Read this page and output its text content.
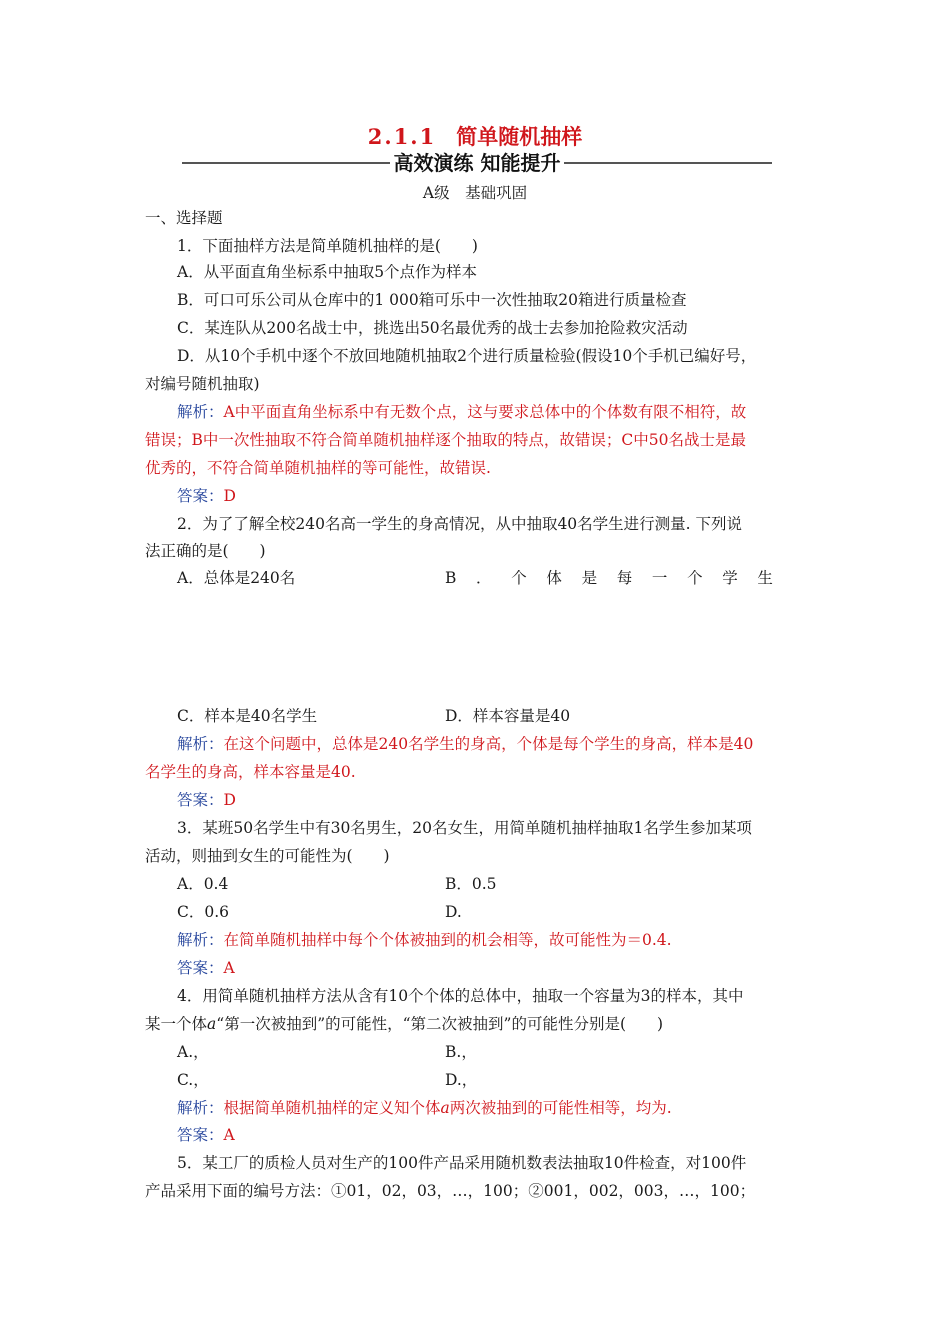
2.1.1 简单随机抽样
高效演练 知能提升
A级　基础巩固
一、选择题
1．下面抽样方法是简单随机抽样的是(　　)
A．从平面直角坐标系中抽取5个点作为样本
B．可口可乐公司从仓库中的1 000箱可乐中一次性抽取20箱进行质量检查
C．某连队从200名战士中，挑选出50名最优秀的战士去参加抢险救灾活动
D．从10个手机中逐个不放回地随机抽取2个进行质量检验(假设10个手机已编好号，
对编号随机抽取)
解析：A中平面直角坐标系中有无数个点，这与要求总体中的个体数有限不相符，故
错误；B中一次性抽取不符合简单随机抽样逐个抽取的特点，故错误；C中50名战士是最
优秀的，不符合简单随机抽样的等可能性，故错误.
答案：D
2．为了了解全校240名高一学生的身高情况，从中抽取40名学生进行测量. 下列说
法正确的是(　　)
A．总体是240名	B ． 个 体 是 每 一 个 学 生
C．样本是40名学生	D．样本容量是40
解析：在这个问题中，总体是240名学生的身高，个体是每个学生的身高，样本是40
名学生的身高，样本容量是40.
答案：D
3．某班50名学生中有30名男生，20名女生，用简单随机抽样抽取1名学生参加某项
活动，则抽到女生的可能性为(　　)
A．0.4	B．0.5
C．0.6	D.
解析：在简单随机抽样中每个个体被抽到的机会相等，故可能性为＝0.4.
答案：A
4．用简单随机抽样方法从含有10个个体的总体中，抽取一个容量为3的样本，其中
某一个体a“第一次被抽到”的可能性，“第二次被抽到”的可能性分别是(　　)
A.，	B.，
C.，	D.，
解析：根据简单随机抽样的定义知个体a两次被抽到的可能性相等，均为.
答案：A
5．某工厂的质检人员对生产的100件产品采用随机数表法抽取10件检查，对100件
产品采用下面的编号方法：①01，02，03，…，100；②001，002，003，…，100；
